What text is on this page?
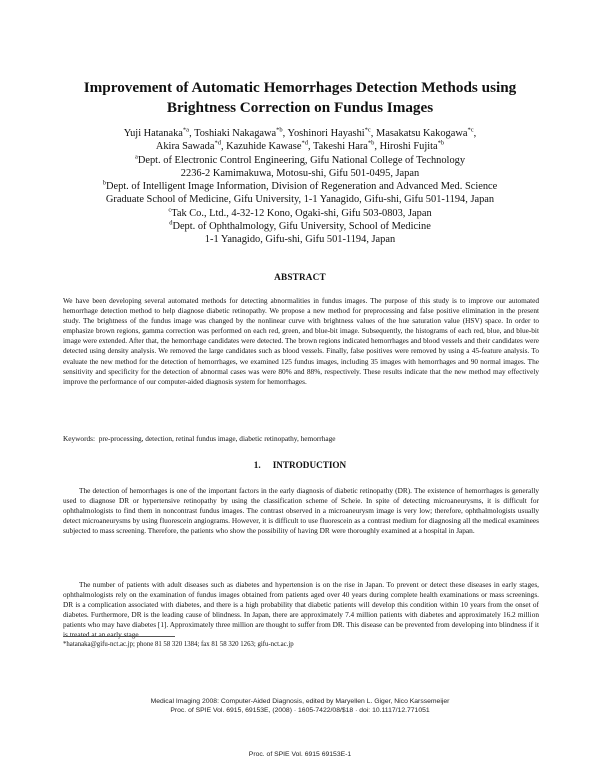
Improvement of Automatic Hemorrhages Detection Methods using
Brightness Correction on Fundus Images
Yuji Hatanaka$^{*a}$, Toshiaki Nakagawa$^{*b}$, Yoshinori Hayashi$^{*c}$, Masakatsu Kakogawa$^{*c}$,
Akira Sawada$^{*d}$, Kazuhide Kawase$^{*d}$, Takeshi Hara$^{*b}$, Hiroshi Fujita$^{*b}$
$^a$Dept. of Electronic Control Engineering, Gifu National College of Technology
2236-2 Kamimakuwa, Motosu-shi, Gifu 501-0495, Japan
$^b$Dept. of Intelligent Image Information, Division of Regeneration and Advanced Med. Science
Graduate School of Medicine, Gifu University, 1-1 Yanagido, Gifu-shi, Gifu 501-1194, Japan
$^c$Tak Co., Ltd., 4-32-12 Kono, Ogaki-shi, Gifu 503-0803, Japan
$^d$Dept. of Ophthalmology, Gifu University, School of Medicine
1-1 Yanagido, Gifu-shi, Gifu 501-1194, Japan
ABSTRACT

We have been developing several automated methods for detecting abnormalities in fundus images. The purpose of this study is to improve our automated hemorrhage detection method to help diagnose diabetic retinopathy. We propose a new method for preprocessing and false positive elimination in the present study. The brightness of the fundus image was changed by the nonlinear curve with brightness values of the hue saturation value (HSV) space. In order to emphasize brown regions, gamma correction was performed on each red, green, and blue-bit image. Subsequently, the histograms of each red, blue, and blue-bit image were extended. After that, the hemorrhage candidates were detected. The brown regions indicated hemorrhages and blood vessels and their candidates were detected using density analysis. We removed the large candidates such as blood vessels. Finally, false positives were removed by using a 45-feature analysis. To evaluate the new method for the detection of hemorrhages, we examined 125 fundus images, including 35 images with hemorrhages and 90 normal images. The sensitivity and specificity for the detection of abnormal cases was were 80% and 88%, respectively. These results indicate that the new method may effectively improve the performance of our computer-aided diagnosis system for hemorrhages.

Keywords: pre-processing, detection, retinal fundus image, diabetic retinopathy, hemorrhage

1. INTRODUCTION

The detection of hemorrhages is one of the important factors in the early diagnosis of diabetic retinopathy (DR). The existence of hemorrhages is generally used to diagnose DR or hypertensive retinopathy by using the classification scheme of Scheie. In spite of detecting microaneurysms, it is difficult for ophthalmologists to find them in noncontrast fundus images. The contrast observed in a microaneurysm image is very low; therefore, ophthalmologists usually detect microaneurysms by using fluorescein angiograms. However, it is difficult to use fluorescein as a contrast medium for diagnosing all the medical examinees subjected to mass screening. Therefore, the patients who show the possibility of having DR were thoroughly examined at a hospital in Japan.

The number of patients with adult diseases such as diabetes and hypertension is on the rise in Japan. To prevent or detect these diseases in early stages, ophthalmologists rely on the examination of fundus images obtained from patients aged over 40 years during complete health examinations or mass screenings. DR is a complication associated with diabetes, and there is a high probability that diabetic patients will develop this condition within 10 years from the onset of diabetes. Furthermore, DR is the leading cause of blindness. In Japan, there are approximately 7.4 million patients with diabetes and approximately 16.2 million patients who may have diabetes [1]. Approximately three million are thought to suffer from DR. This disease can be prevented from developing into blindness if it is treated at an early stage.

*hatanaka@gifu-nct.ac.jp; phone 81 58 320 1384; fax 81 58 320 1263; gifu-nct.ac.jp

Medical Imaging 2008: Computer-Aided Diagnosis, edited by Maryellen L. Giger, Nico Karssemeijer
Proc. of SPIE Vol. 6915, 69153E, (2008) · 1605-7422/08/$18 · doi: 10.1117/12.771051
Proc. of SPIE Vol. 6915 69153E-1
